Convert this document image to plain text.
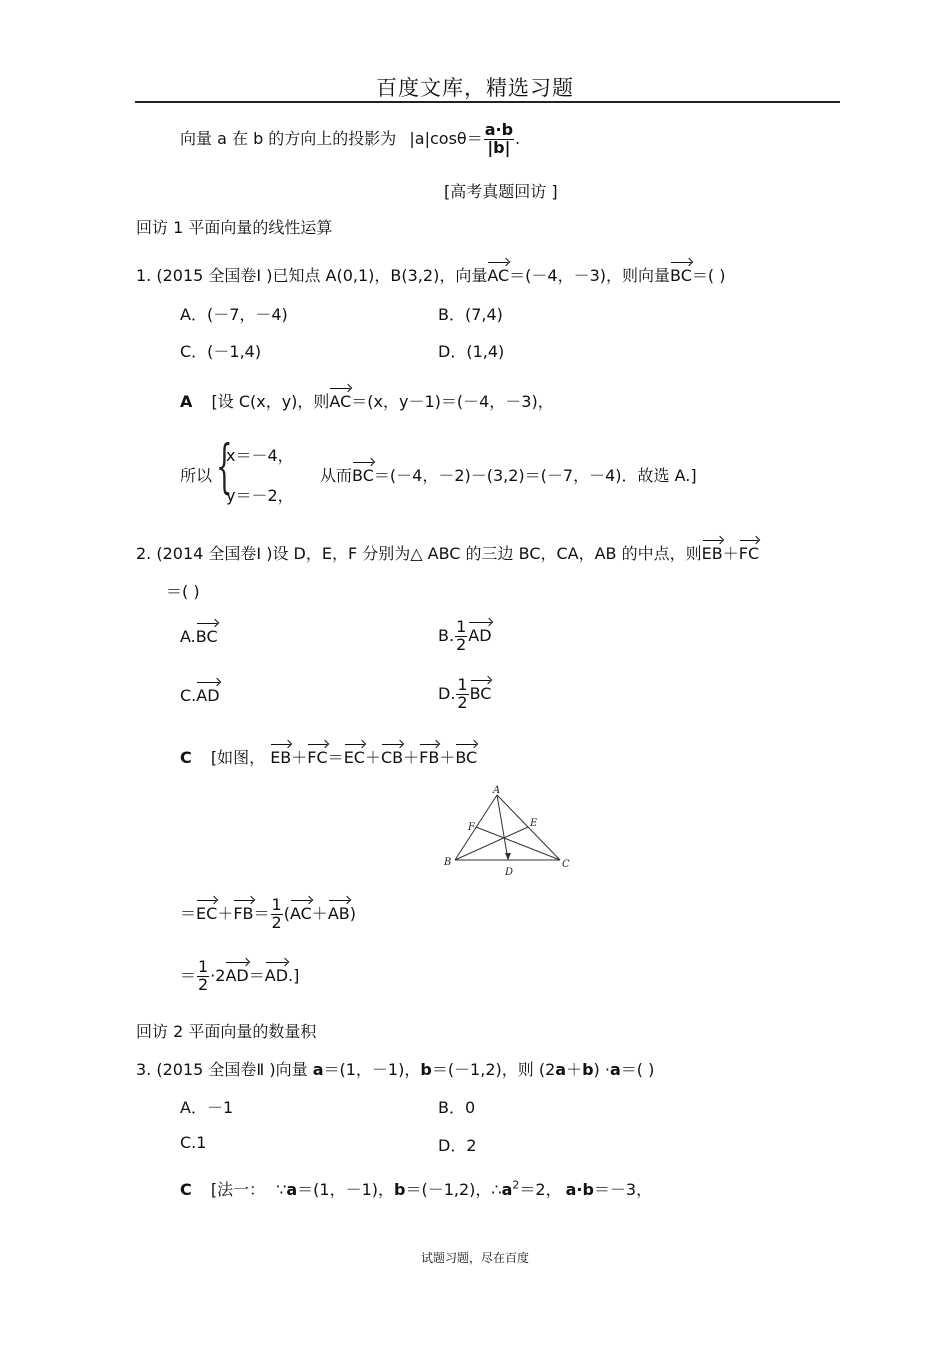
百度文库，精选习题
向量 a 在 b 的方向上的投影为 $|a|\cos\theta= \frac{a\cdot b}{|b|}$ .
[高考真题回访 ]
回访 1 平面向量的线性运算
1. (2015 全国卷Ⅰ )已知点 A(0,1)，B(3,2)，向量AC＝(－4，－3)，则向量BC＝( )
A．(－7，－4)	B．(7,4)
C．(－1,4)	D．(1,4)
A [设 C(x，y)，则AC＝(x，y－1)＝(－4，－3)，
所以 {
x＝－4，
y＝－2，
从而BC＝(－4，－2)－(3,2)＝(－7，－4)．故选 A.]
2. (2014 全国卷Ⅰ )设 D，E，F 分别为△ ABC 的三边 BC，CA，AB 的中点，则EB＋FC
＝( )
A.BC	B. $\frac{1}{2}$ AD
C.AD	D. $\frac{1}{2}$ BC
C [如图， EB＋FC＝EC＋CB＋FB＋BC
A
B	C
D
E
F
$=EC+FB= \frac{1}{2} (AC+AB)$
＝ $\frac{1}{2} \cdot 2AD=AD$.]
回访 2 平面向量的数量积
3. (2015 全国卷Ⅱ )向量 a＝(1，－1)，b＝(－1,2)，则 (2a＋b) ·a＝( )
A．－1	B．0
C.1	D．2
C [法一： ∵a＝(1，－1)，b＝(－1,2)，$\therefore a^2=2$， a·b＝－3，
试题习题，尽在百度
